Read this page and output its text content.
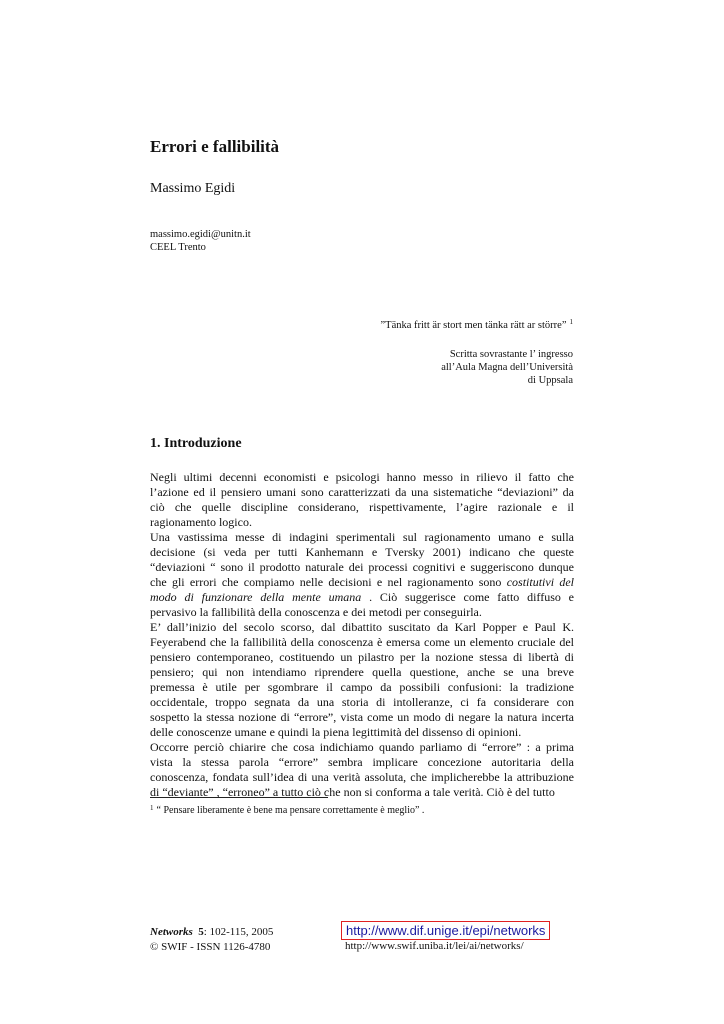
Errori e fallibilità
Massimo Egidi
massimo.egidi@unitn.it
CEEL Trento
”Tänka fritt är stort men tänka rätt ar större” $^1$
Scritta sovrastante l’ ingresso
all’Aula Magna dell’Università
di Uppsala
1. Introduzione
Negli ultimi decenni economisti e psicologi hanno messo in rilievo il fatto che
l’azione ed il pensiero umani sono caratterizzati da una sistematiche “deviazioni” da
ciò che quelle discipline considerano, rispettivamente, l’agire razionale e il
ragionamento logico.
Una vastissima messe di indagini sperimentali sul ragionamento umano e sulla
decisione (si veda per tutti Kanhemann e Tversky 2001) indicano che queste
“deviazioni “ sono il prodotto naturale dei processi cognitivi e suggeriscono dunque
che gli errori che compiamo nelle decisioni e nel ragionamento sono costitutivi del
modo di funzionare della mente umana . Ciò suggerisce come fatto diffuso e
pervasivo la fallibilità della conoscenza e dei metodi per conseguirla.
E’ dall’inizio del secolo scorso, dal dibattito suscitato da Karl Popper e Paul K.
Feyerabend che la fallibilità della conoscenza è emersa come un elemento cruciale del
pensiero contemporaneo, costituendo un pilastro per la nozione stessa di libertà di
pensiero; qui non intendiamo riprendere quella questione, anche se una breve
premessa è utile per sgombrare il campo da possibili confusioni: la tradizione
occidentale, troppo segnata da una storia di intolleranze, ci fa considerare con
sospetto la stessa nozione di “errore”, vista come un modo di negare la natura incerta
delle conoscenze umane e quindi la piena legittimità del dissenso di opinioni.
Occorre perciò chiarire che cosa indichiamo quando parliamo di “errore” : a prima
vista la stessa parola “errore” sembra implicare concezione autoritaria della
conoscenza, fondata sull’idea di una verità assoluta, che implicherebbe la attribuzione
di “deviante” , “erroneo” a tutto ciò che non si conforma a tale verità. Ciò è del tutto
$^1$ “ Pensare liberamente è bene ma pensare correttamente è meglio” .
Networks 5: 102-115, 2005
© SWIF - ISSN 1126-4780
http://www.dif.unige.it/epi/networks
http://www.swif.uniba.it/lei/ai/networks/
